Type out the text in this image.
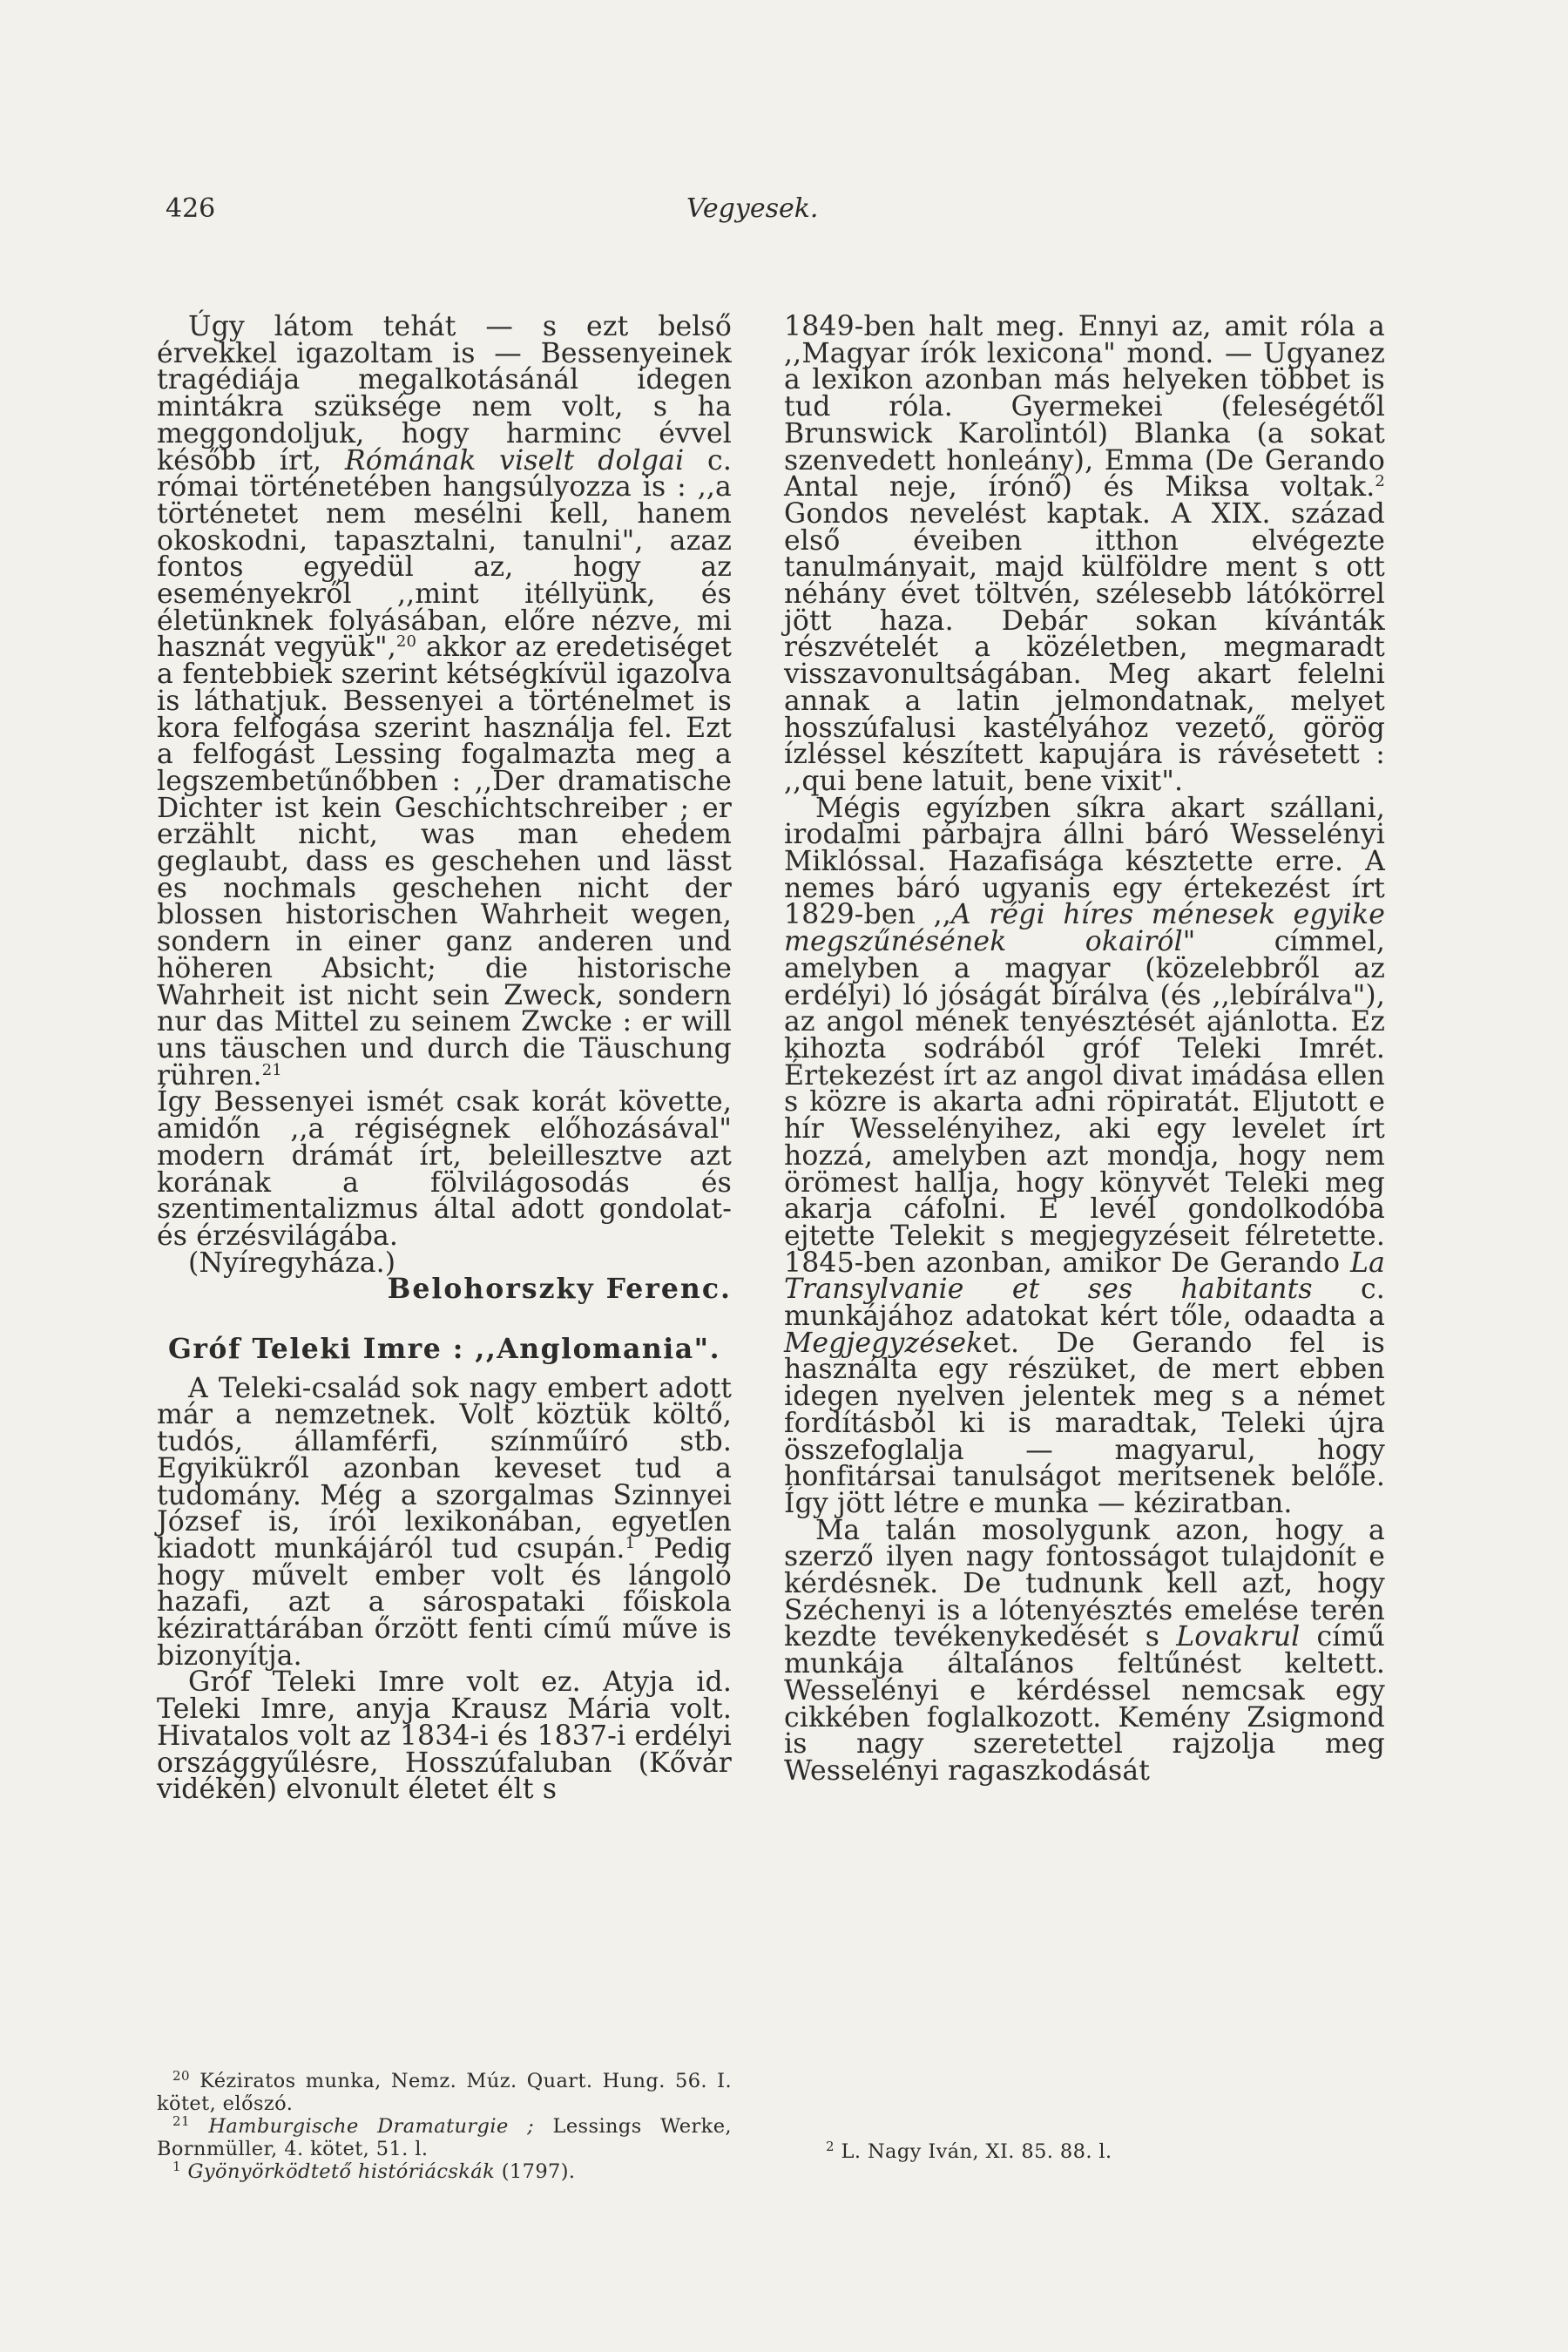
426	Vegyesek.

Úgy látom tehát — s ezt belső érvekkel igazoltam is — Bessenyeinek tragédiája megalkotásánál idegen mintákra szüksége nem volt, s ha meggondoljuk, hogy harminc évvel később írt, Rómának viselt dolgai c. római történetében hangsúlyozza is : ,,a történetet nem mesélni kell, hanem okoskodni, tapasztalni, tanulni", azaz fontos egyedül az, hogy az eseményekről ,,mint itéllyünk, és életünknek folyásában, előre nézve, mi hasznát vegyük",$^{20}$ akkor az eredetiséget a fentebbiek szerint kétségkívül igazolva is láthatjuk. Bessenyei a történelmet is kora felfogása szerint használja fel. Ezt a felfogást Lessing fogalmazta meg a legszembetűnőbben : ,,Der dramatische Dichter ist kein Geschichtschreiber ; er erzählt nicht, was man ehedem geglaubt, dass es geschehen und lässt es nochmals geschehen nicht der blossen historischen Wahrheit wegen, sondern in einer ganz anderen und höheren Absicht; die historische Wahrheit ist nicht sein Zweck, sondern nur das Mittel zu seinem Zwcke : er will uns täuschen und durch die Täuschung rühren.$^{21}$
Így Bessenyei ismét csak korát követte, amidőn ,,a régiségnek előhozásával" modern drámát írt, beleillesztve azt korának a fölvilágosodás és szentimentalizmus által adott gondolat- és érzésvilágába.

(Nyíregyháza.)

Belohorszky Ferenc.

Gróf Teleki Imre : ,,Anglomania".

A Teleki-család sok nagy embert adott már a nemzetnek. Volt köztük költő, tudós, államférfi, színműíró stb. Egyikükről azonban keveset tud a tudomány. Még a szorgalmas Szinnyei József is, írói lexikonában, egyetlen kiadott munkájáról tud csupán.$^1$ Pedig hogy művelt ember volt és lángoló hazafi, azt a sárospataki főiskola kézirattárában őrzött fenti című műve is bizonyítja.

Gróf Teleki Imre volt ez. Atyja id. Teleki Imre, anyja Krausz Mária volt. Hivatalos volt az 1834-i és 1837-i erdélyi országgyűlésre, Hosszúfaluban (Kővár vidékén) elvonult életet élt s

1849-ben halt meg. Ennyi az, amit róla a ,,Magyar írók lexicona" mond. — Ugyanez a lexikon azonban más helyeken többet is tud róla. Gyermekei (feleségétől Brunswick Karolintól) Blanka (a sokat szenvedett honleány), Emma (De Gerando Antal neje, írónő) és Miksa voltak.$^2$ Gondos nevelést kaptak. A XIX. század első éveiben itthon elvégezte tanulmányait, majd külföldre ment s ott néhány évet töltvén, szélesebb látókörrel jött haza. Debár sokan kívánták részvételét a közéletben, megmaradt visszavonultságában. Meg akart felelni annak a latin jelmondatnak, melyet hosszúfalusi kastélyához vezető, görög ízléssel készített kapujára is rávésetett : ,,qui bene latuit, bene vixit".

Mégis egyízben síkra akart szállani, irodalmi párbajra állni báró Wesselényi Miklóssal. Hazafisága késztette erre. A nemes báró ugyanis egy értekezést írt 1829-ben ,,A régi híres ménesek egyike megszűnésének okairól" címmel, amelyben a magyar (közelebbről az erdélyi) ló jóságát bírálva (és ,,lebírálva"), az angol mének tenyésztését ajánlotta. Ez kihozta sodrából gróf Teleki Imrét. Értekezést írt az angol divat imádása ellen s közre is akarta adni röpiratát. Eljutott e hír Wesselényihez, aki egy levelet írt hozzá, amelyben azt mondja, hogy nem örömest hallja, hogy könyvét Teleki meg akarja cáfolni. E levél gondolkodóba ejtette Telekit s megjegyzéseit félretette. 1845-ben azonban, amikor De Gerando La Transylvanie et ses habitants c. munkájához adatokat kért tőle, odaadta a Megjegyzéseket. De Gerando fel is használta egy részüket, de mert ebben idegen nyelven jelentek meg s a német fordításból ki is maradtak, Teleki újra összefoglalja — magyarul, hogy honfitársai tanulságot merítsenek belőle. Így jött létre e munka — kéziratban.

Ma talán mosolygunk azon, hogy a szerző ilyen nagy fontosságot tulajdonít e kérdésnek. De tudnunk kell azt, hogy Széchenyi is a lótenyésztés emelése terén kezdte tevékenykedését s Lovakrul című munkája általános feltűnést keltett. Wesselényi e kérdéssel nemcsak egy cikkében foglalkozott. Kemény Zsigmond is nagy szeretettel rajzolja meg Wesselényi ragaszkodását

$^{20}$ Kéziratos munka, Nemz. Múz. Quart. Hung. 56. I. kötet, előszó.

$^{21}$ Hamburgische Dramaturgie ; Lessings Werke, Bornmüller, 4. kötet, 51. l.

$^1$ Gyönyörködtető históriácskák (1797).

$^2$ L. Nagy Iván, XI. 85. 88. l.
